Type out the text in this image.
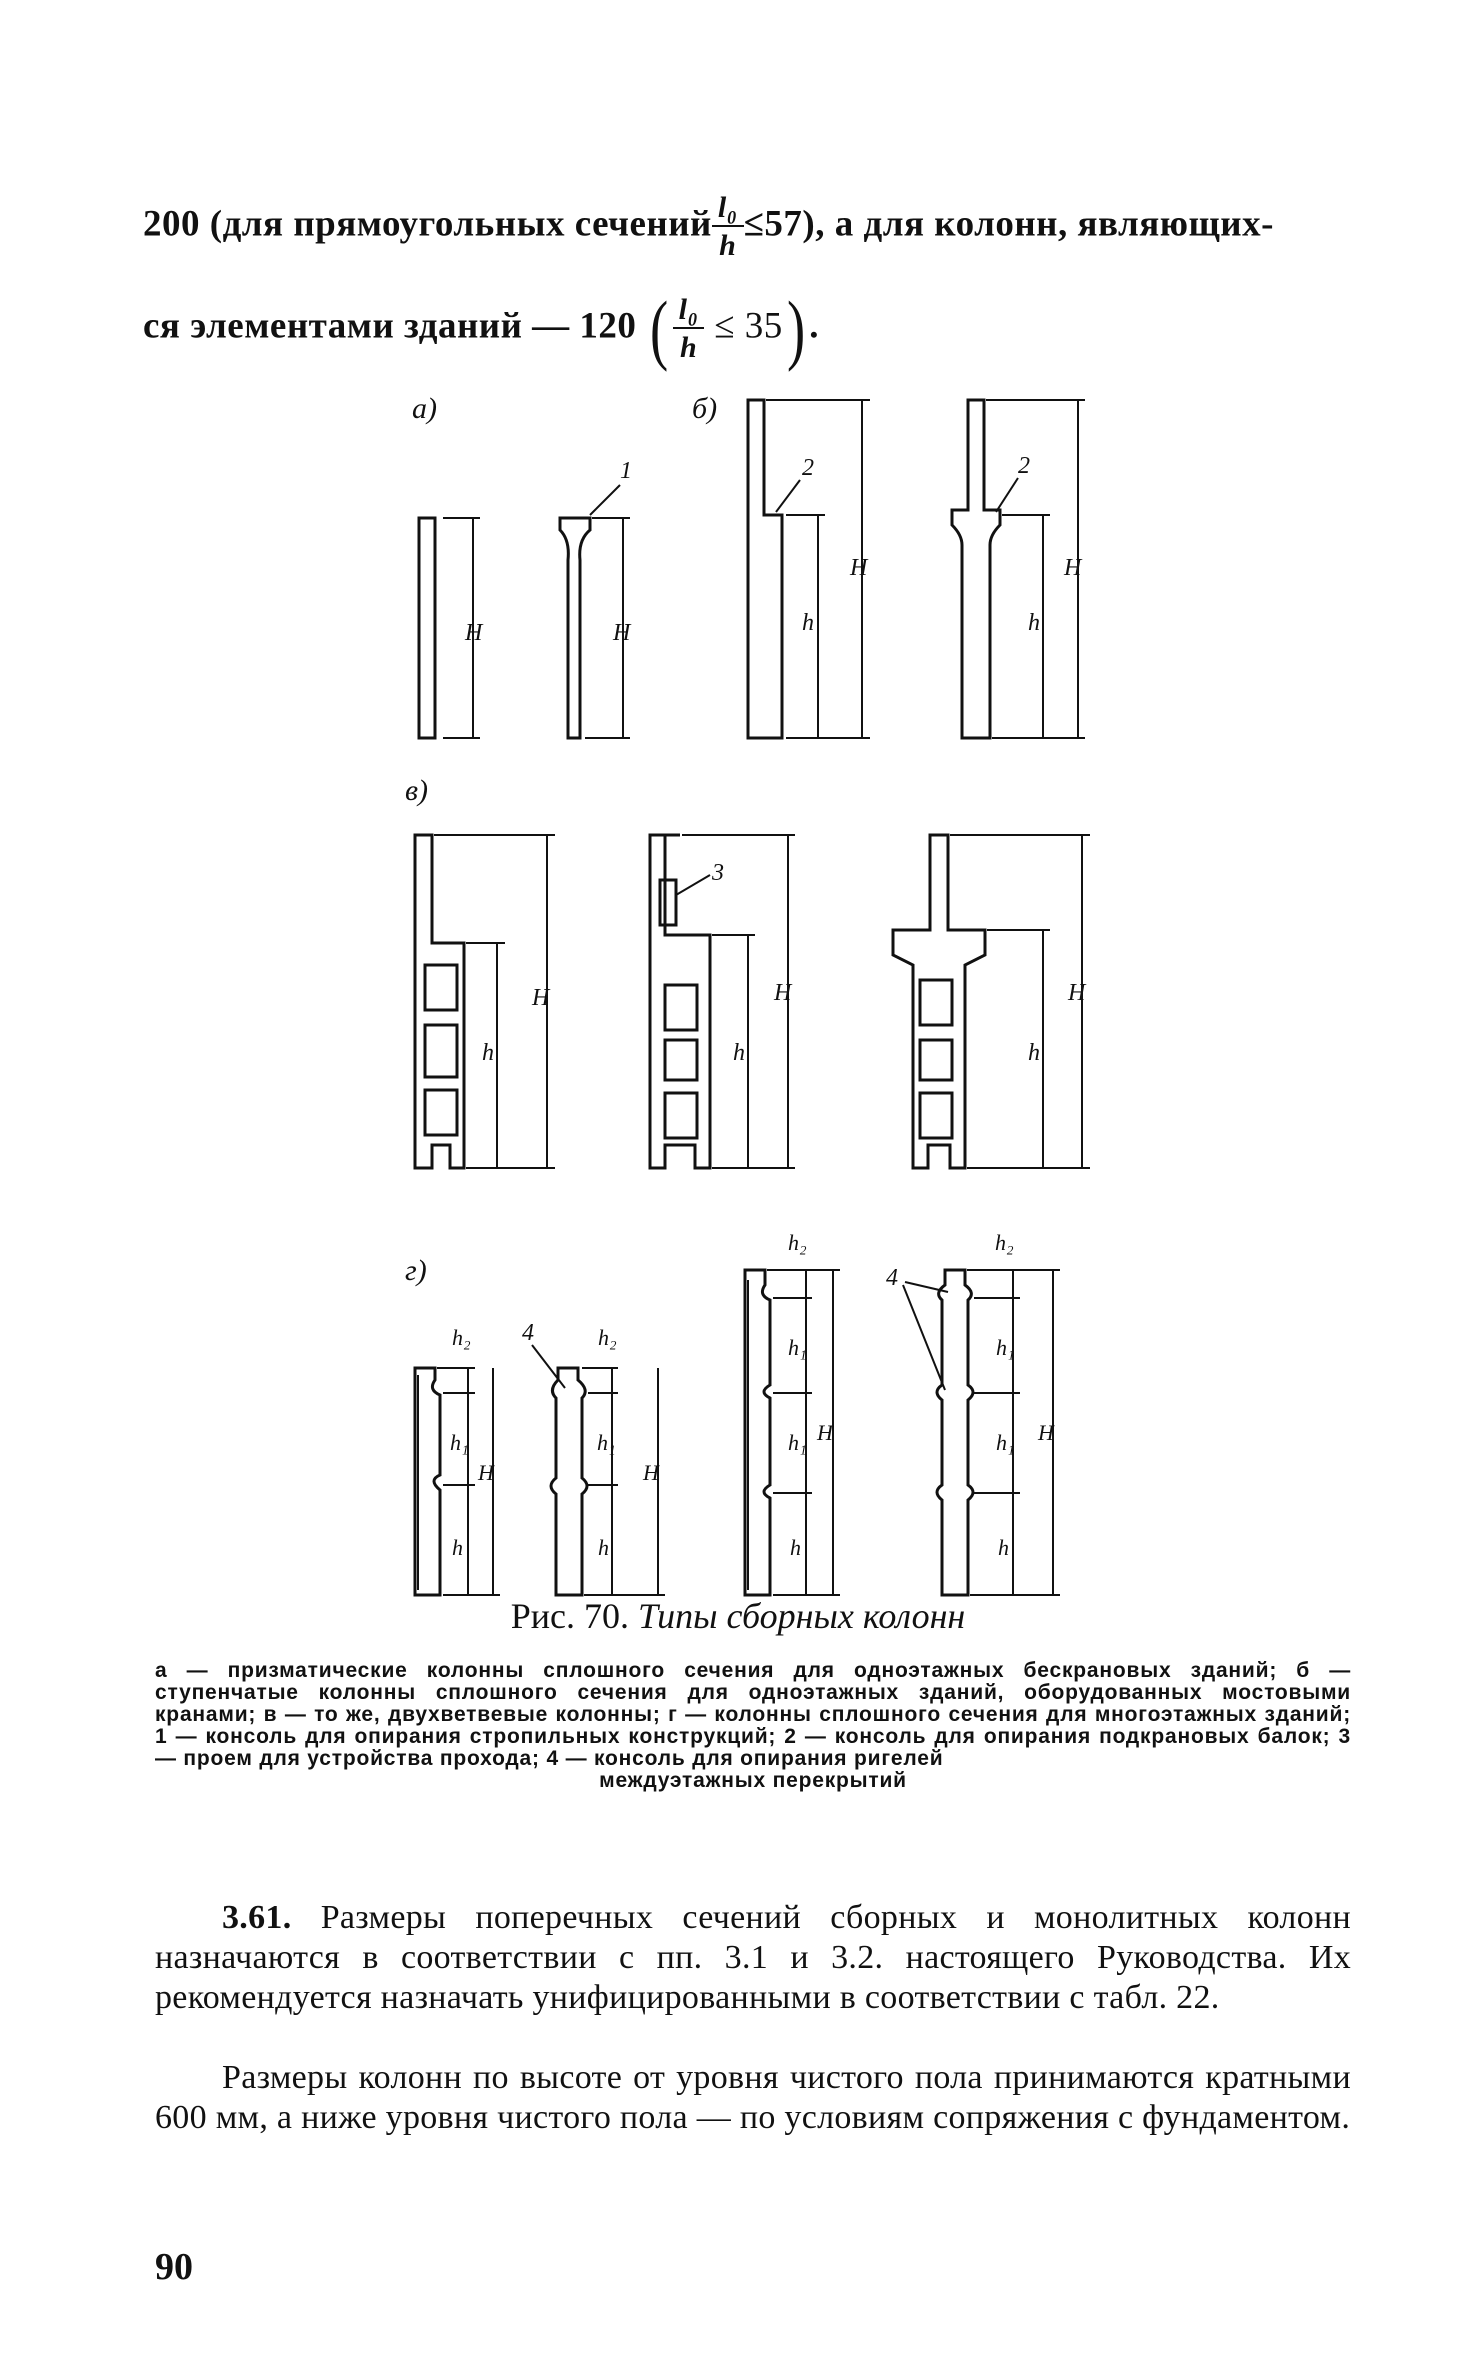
200 (для прямоугольных сечений $\frac{\text{l₀}}{h} \le 57$), а для колонн, являющих-
ся элементами зданий — 120 ( $\frac{\text{l₀}}{h} \le 35$) .
а)	б)
в)
г)
H	H
1
h
H
2
h
H
2
h
H
h
H
3
h
H
h₂
h₁
h
H
h₂
h₁
h
H
4
h₂
h₁
h₁
h
H
h₂
h₁
h₁
h
H
4
Рис. 70. Типы сборных колонн
а — призматические колонны сплошного сечения для одноэтажных бескрановых зданий; б — ступенчатые колонны сплошного сечения для одноэтажных зданий, оборудованных мостовыми кранами; в — то же, двухветвевые колонны; г — колонны сплошного сечения для многоэтажных зданий; 1 — консоль для опирания стропильных конструкций; 2 — консоль для опирания подкрановых балок; 3 — проем для устройства прохода; 4 — консоль для опирания ригелей
междуэтажных перекрытий
3.61. Размеры поперечных сечений сборных и монолитных колонн назначаются в соответствии с пп. 3.1 и 3.2. настоящего Руководства. Их рекомендуется назначать унифицированными в соответствии с табл. 22.
Размеры колонн по высоте от уровня чистого пола принимаются кратными 600 мм, а ниже уровня чистого пола — по условиям сопряжения с фундаментом.
90
